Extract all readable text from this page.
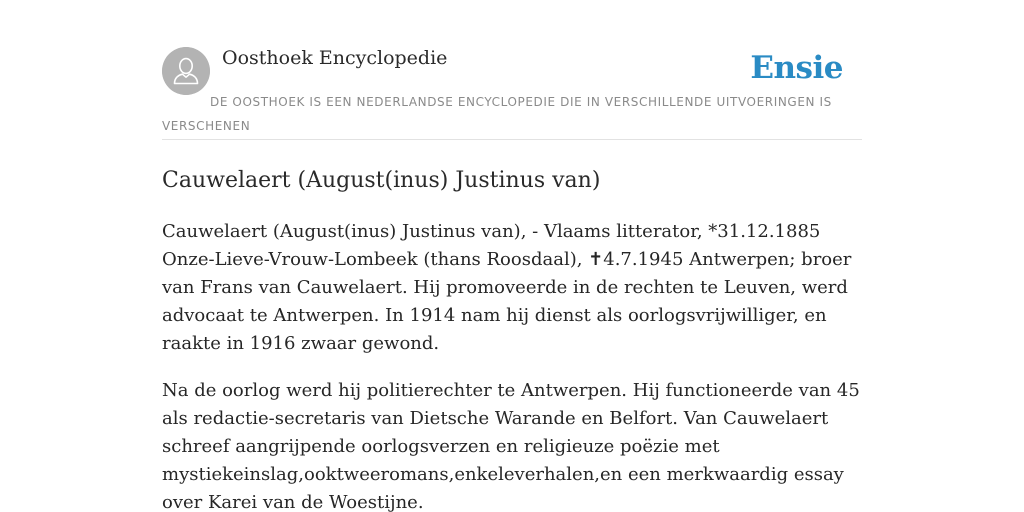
Oosthoek Encyclopedie	Ensie
DE OOSTHOEK IS EEN NEDERLANDSE ENCYCLOPEDIE DIE IN VERSCHILLENDE UITVOERINGEN IS VERSCHENEN
Cauwelaert (August(inus) Justinus van)

Cauwelaert (August(inus) Justinus van), - Vlaams litterator, *31.12.1885 Onze-Lieve-Vrouw-Lombeek (thans Roosdaal), ✝4.7.1945 Antwerpen; broer van Frans van Cauwelaert. Hij promoveerde in de rechten te Leuven, werd advocaat te Antwerpen. In 1914 nam hij dienst als oorlogsvrijwilliger, en raakte in 1916 zwaar gewond.

Na de oorlog werd hij politierechter te Antwerpen. Hij functioneerde van 45 als redactie-secretaris van Dietsche Warande en Belfort. Van Cauwelaert schreef aangrijpende oorlogsverzen en religieuze poëzie met mystiekeinslag,ooktweeromans,enkeleverhalen,en een merkwaardig essay over Karei van de Woestijne.
